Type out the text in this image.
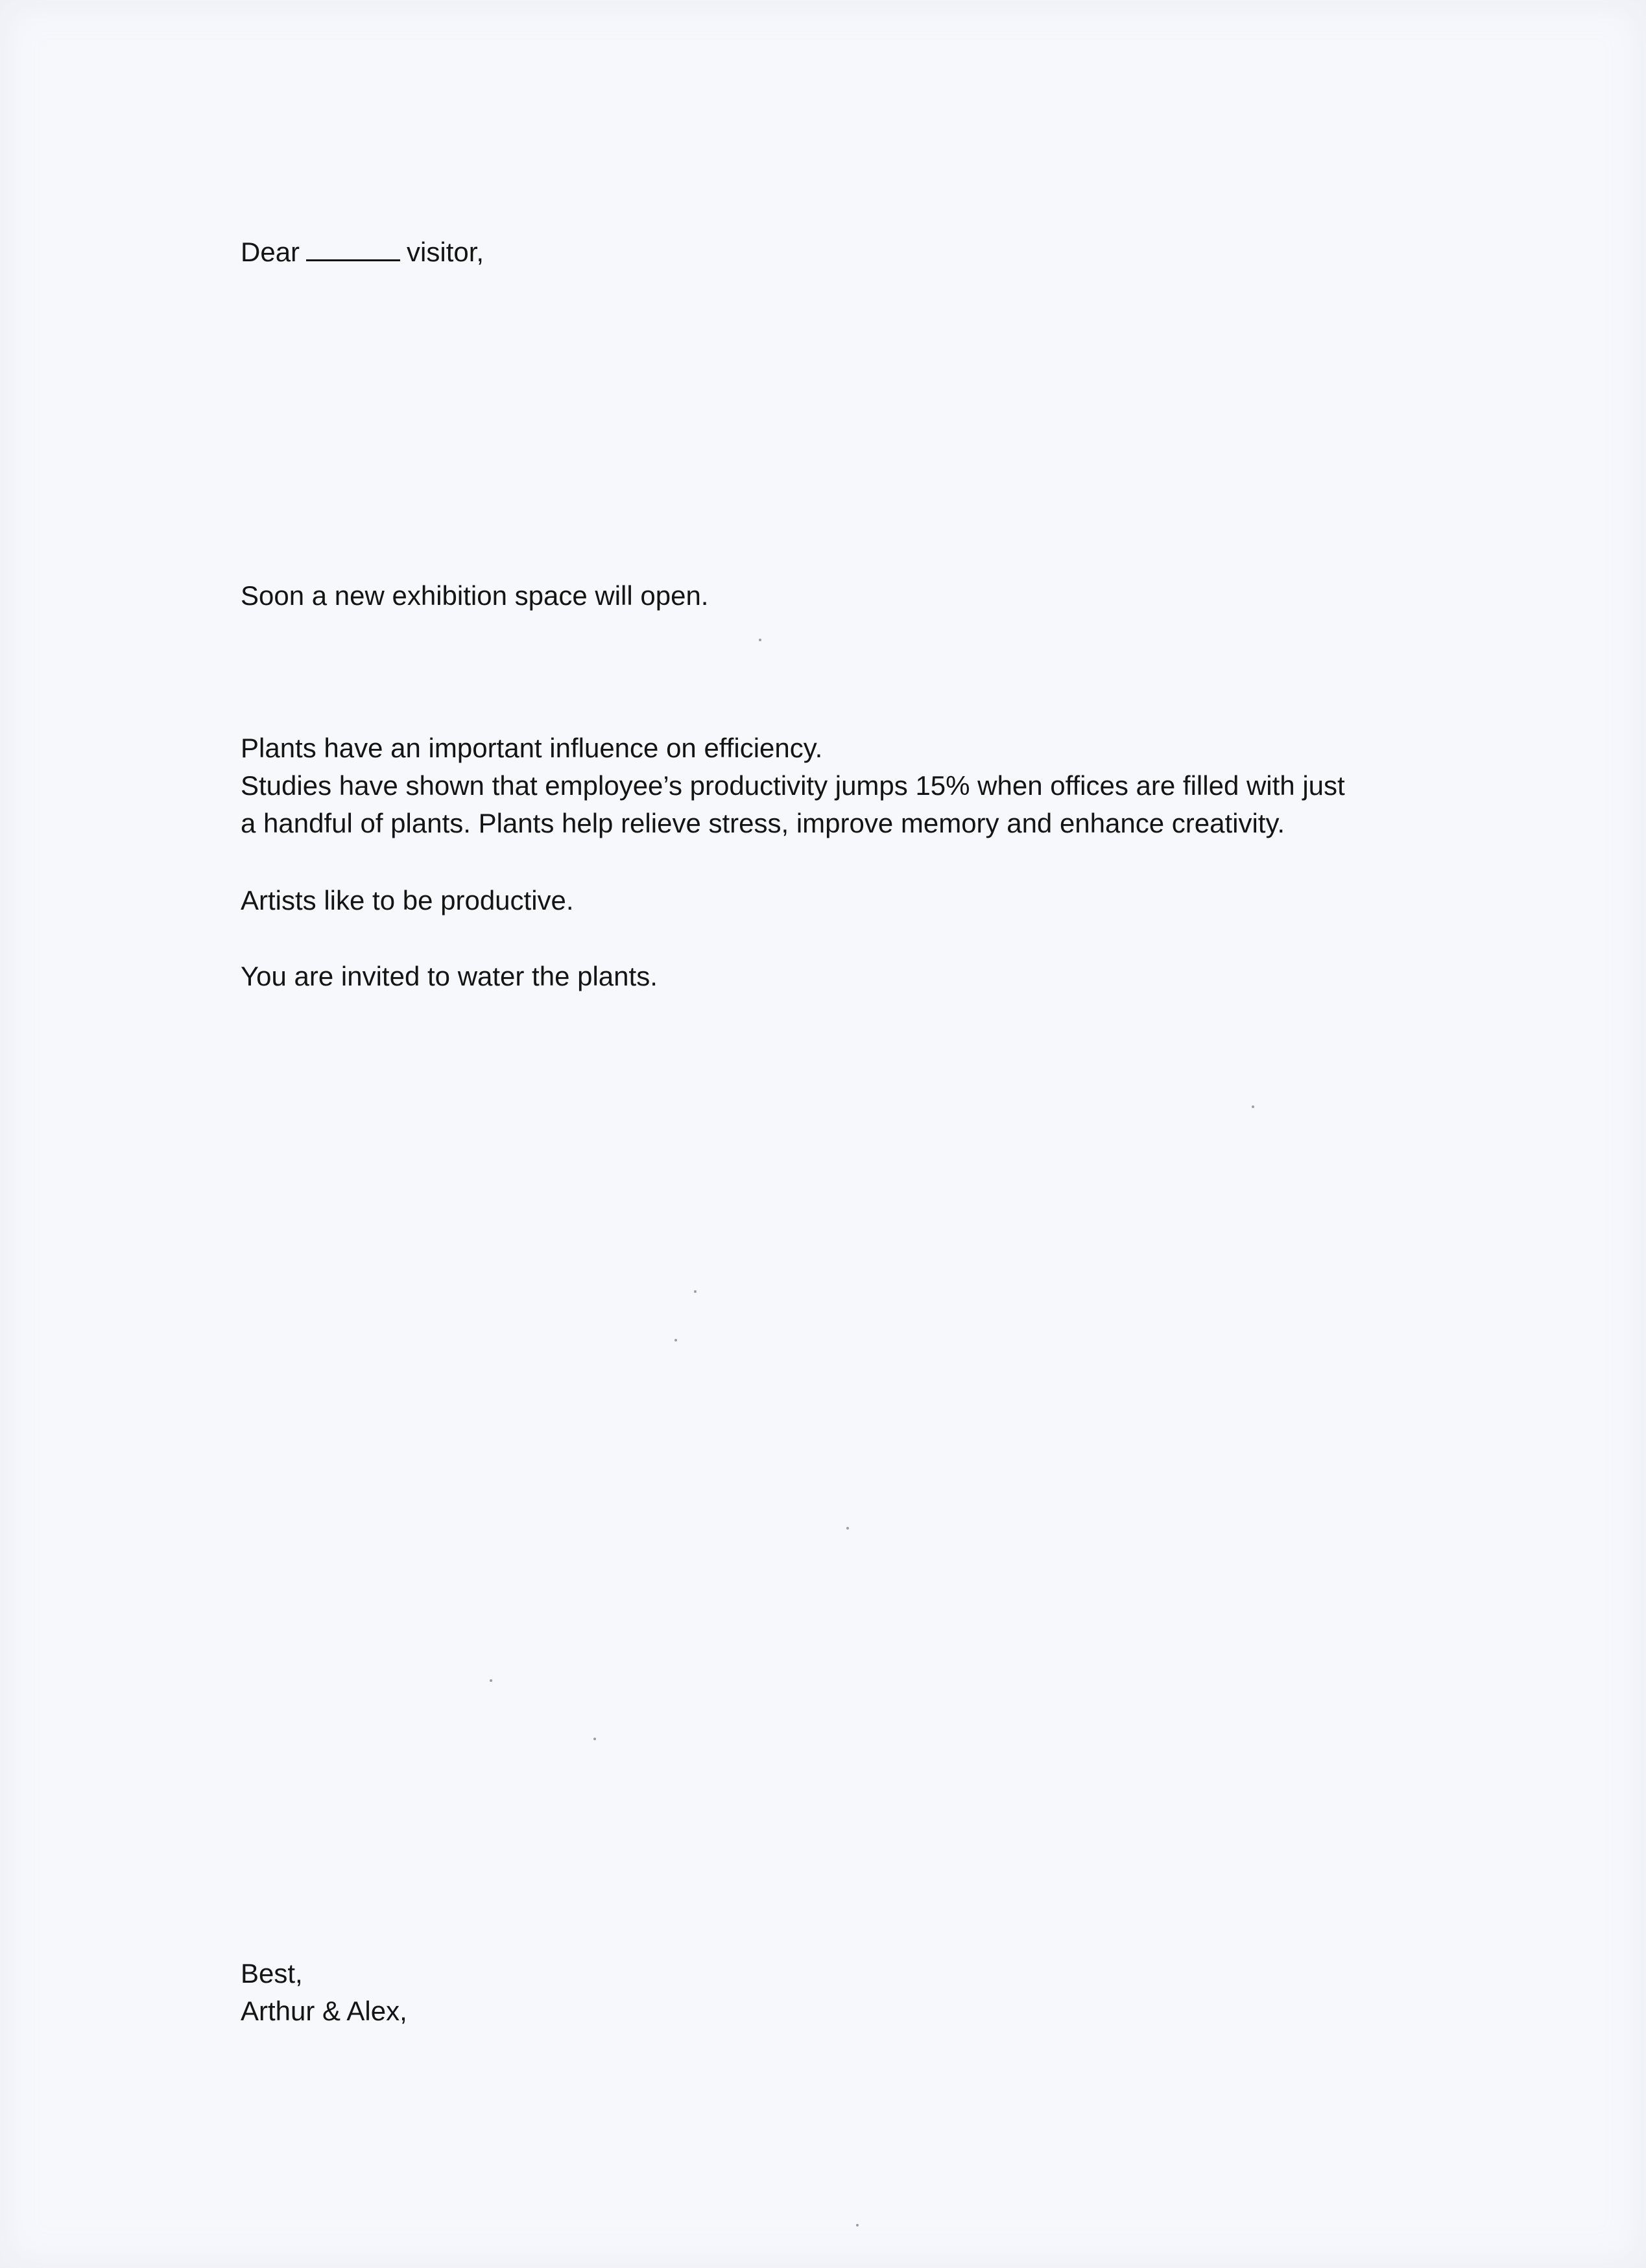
Dear	visitor,

Soon a new exhibition space will open.

Plants have an important influence on efficiency.

Studies have shown that employee’s productivity jumps 15% when offices are filled with just

a handful of plants. Plants help relieve stress, improve memory and enhance creativity.

Artists like to be productive.

You are invited to water the plants.

Best,

Arthur & Alex,
